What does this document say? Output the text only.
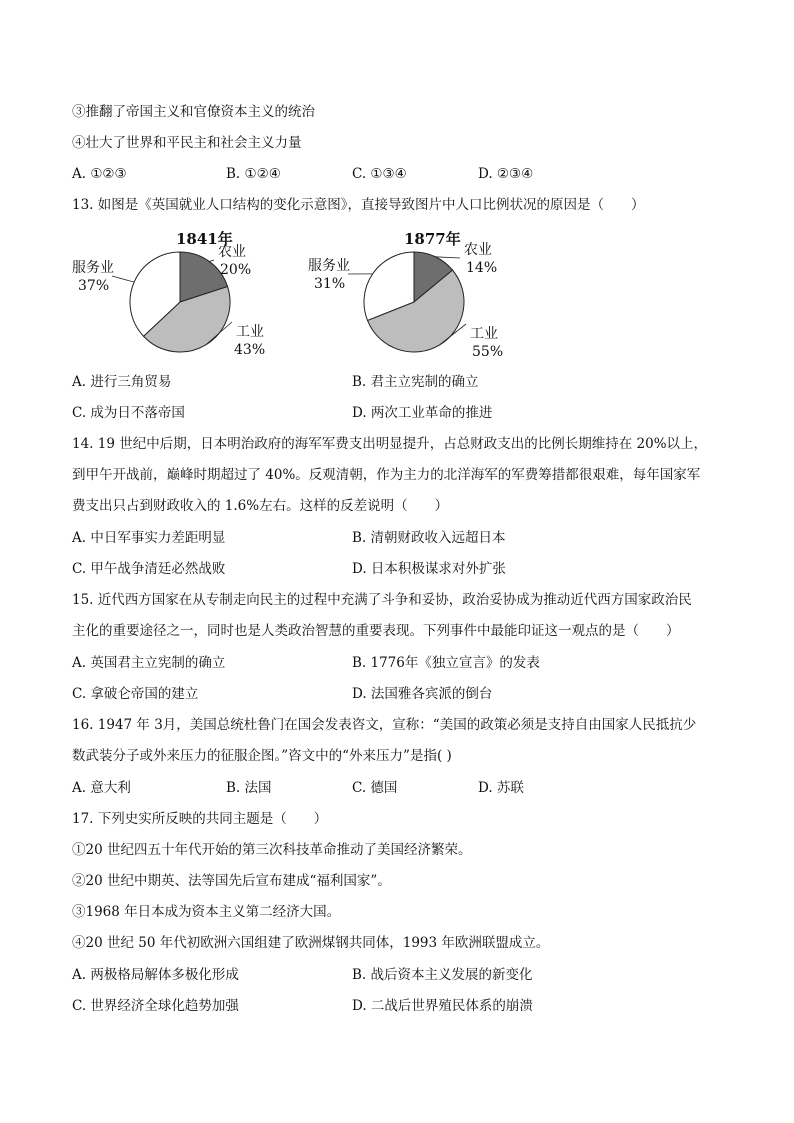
③推翻了帝国主义和官僚资本主义的统治
④壮大了世界和平民主和社会主义力量
A. ①②③	B. ①②④	C. ①③④	D. ②③④
13. 如图是《英国就业人口结构的变化示意图》，直接导致图片中人口比例状况的原因是（　　）
农业
20%
工业
43%
服务业
37%
1841年
农业
14%
工业
55%
服务业
31%
1877年
A. 进行三角贸易	B. 君主立宪制的确立
C. 成为日不落帝国	D. 两次工业革命的推进
14. 19 世纪中后期，日本明治政府的海军军费支出明显提升，占总财政支出的比例长期维持在 20%以上，
到甲午开战前，巅峰时期超过了 40%。反观清朝，作为主力的北洋海军的军费筹措都很艰难，每年国家军
费支出只占到财政收入的 1.6%左右。这样的反差说明（　　）
A. 中日军事实力差距明显	B. 清朝财政收入远超日本
C. 甲午战争清廷必然战败	D. 日本积极谋求对外扩张
15. 近代西方国家在从专制走向民主的过程中充满了斗争和妥协，政治妥协成为推动近代西方国家政治民
主化的重要途径之一，同时也是人类政治智慧的重要表现。下列事件中最能印证这一观点的是（　　）
A. 英国君主立宪制的确立	B. 1776年《独立宣言》的发表
C. 拿破仑帝国的建立	D. 法国雅各宾派的倒台
16. 1947 年 3月，美国总统杜鲁门在国会发表咨文，宣称：“美国的政策必须是支持自由国家人民抵抗少
数武装分子或外来压力的征服企图。”咨文中的“外来压力”是指( )
A. 意大利	B. 法国	C. 德国	D. 苏联
17. 下列史实所反映的共同主题是（　　）
①20 世纪四五十年代开始的第三次科技革命推动了美国经济繁荣。
②20 世纪中期英、法等国先后宣布建成“福利国家”。
③1968 年日本成为资本主义第二经济大国。
④20 世纪 50 年代初欧洲六国组建了欧洲煤钢共同体，1993 年欧洲联盟成立。
A. 两极格局解体多极化形成	B. 战后资本主义发展的新变化
C. 世界经济全球化趋势加强	D. 二战后世界殖民体系的崩溃
